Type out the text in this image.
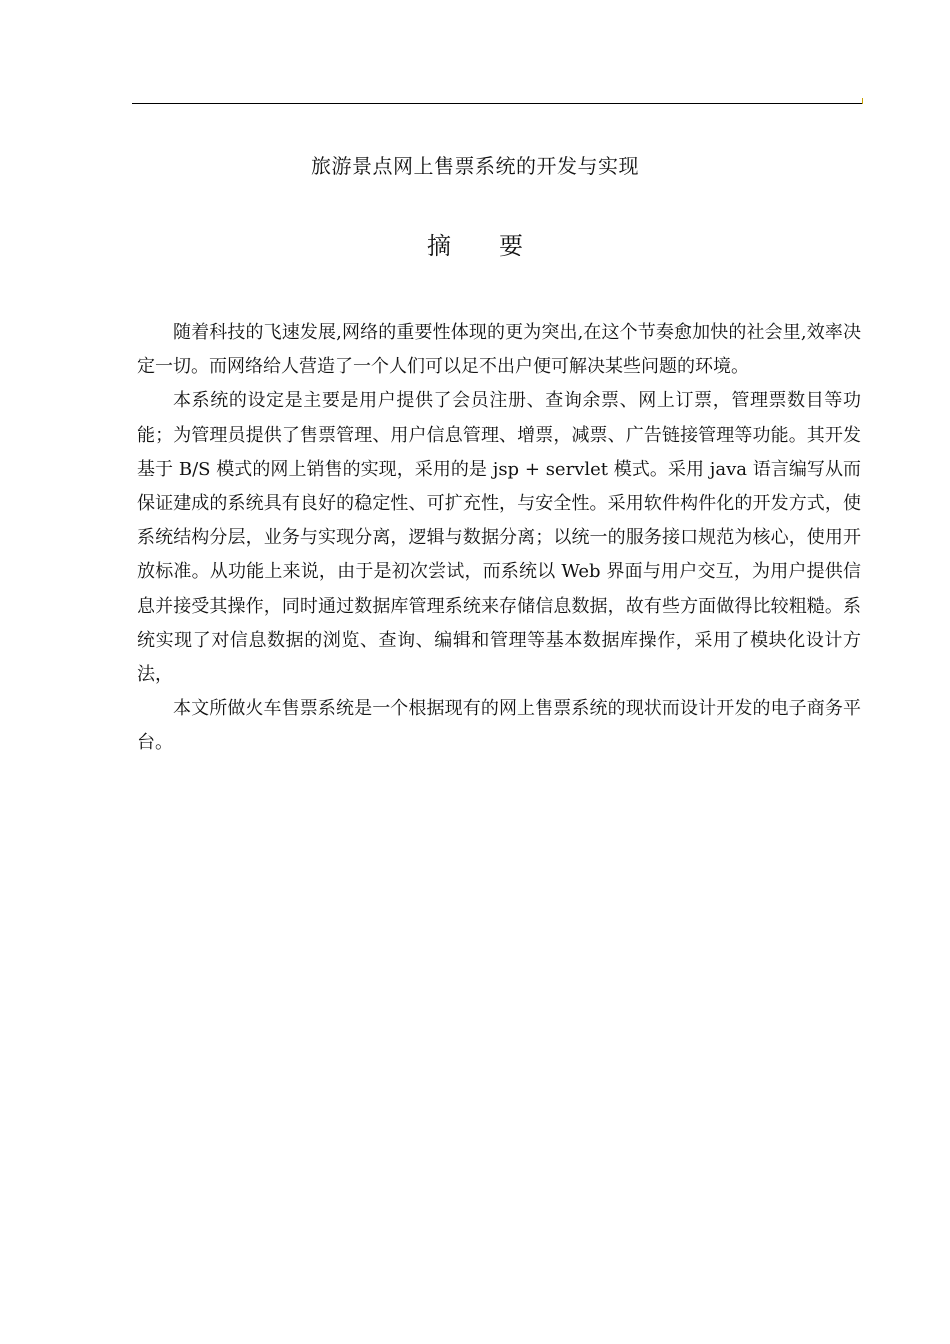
旅游景点网上售票系统的开发与实现
摘 要

随着科技的飞速发展,网络的重要性体现的更为突出,在这个节奏愈加快的社会里,效率决定一切。而网络给人营造了一个人们可以足不出户便可解决某些问题的环境。

本系统的设定是主要是用户提供了会员注册、查询余票、网上订票，管理票数目等功能；为管理员提供了售票管理、用户信息管理、增票，减票、广告链接管理等功能。其开发基于 B/S 模式的网上销售的实现，采用的是 jsp + servlet 模式。采用 java 语言编写从而保证建成的系统具有良好的稳定性、可扩充性，与安全性。采用软件构件化的开发方式，使系统结构分层，业务与实现分离，逻辑与数据分离；以统一的服务接口规范为核心，使用开放标准。从功能上来说，由于是初次尝试，而系统以 Web 界面与用户交互，为用户提供信息并接受其操作，同时通过数据库管理系统来存储信息数据，故有些方面做得比较粗糙。系统实现了对信息数据的浏览、查询、编辑和管理等基本数据库操作，采用了模块化设计方法，

本文所做火车售票系统是一个根据现有的网上售票系统的现状而设计开发的电子商务平台。
